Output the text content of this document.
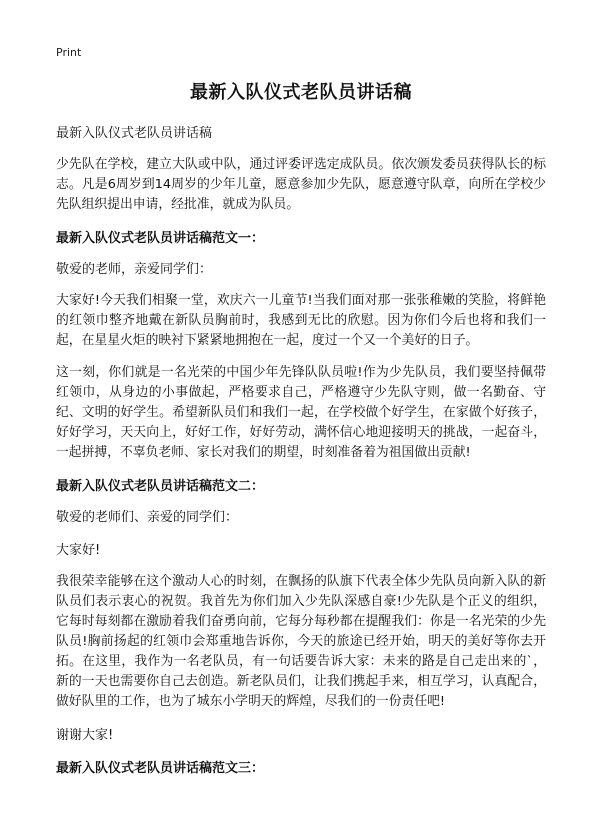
Print
最新入队仪式老队员讲话稿
最新入队仪式老队员讲话稿

少先队在学校，建立大队或中队，通过评委评选定成队员。依次颁发委员获得队长的标志。凡是6周岁到14周岁的少年儿童，愿意参加少先队，愿意遵守队章，向所在学校少先队组织提出申请，经批准，就成为队员。

最新入队仪式老队员讲话稿范文一：
敬爱的老师，亲爱同学们：

大家好!今天我们相聚一堂，欢庆六一儿童节!当我们面对那一张张稚嫩的笑脸，将鲜艳的红领巾整齐地戴在新队员胸前时，我感到无比的欣慰。因为你们今后也将和我们一起，在星星火炬的映衬下紧紧地拥抱在一起，度过一个又一个美好的日子。

这一刻，你们就是一名光荣的中国少年先锋队队员啦!作为少先队员，我们要坚持佩带红领巾，从身边的小事做起，严格要求自己，严格遵守少先队守则，做一名勤奋、守纪、文明的好学生。希望新队员们和我们一起，在学校做个好学生，在家做个好孩子，好好学习，天天向上，好好工作，好好劳动，满怀信心地迎接明天的挑战，一起奋斗，一起拼搏，不辜负老师、家长对我们的期望，时刻准备着为祖国做出贡献!

最新入队仪式老队员讲话稿范文二：
敬爱的老师们、亲爱的同学们：
大家好!

我很荣幸能够在这个激动人心的时刻，在飘扬的队旗下代表全体少先队员向新入队的新队员们表示衷心的祝贺。我首先为你们加入少先队深感自豪!少先队是个正义的组织，它每时每刻都在激励着我们奋勇向前，它每分每秒都在提醒我们：你是一名光荣的少先队员!胸前扬起的红领巾会郑重地告诉你，今天的旅途已经开始，明天的美好等你去开拓。在这里，我作为一名老队员，有一句话要告诉大家：未来的路是自己走出来的`，新的一天也需要你自己去创造。新老队员们，让我们携起手来，相互学习，认真配合，做好队里的工作，也为了城东小学明天的辉煌，尽我们的一份责任吧!

谢谢大家!
最新入队仪式老队员讲话稿范文三：
